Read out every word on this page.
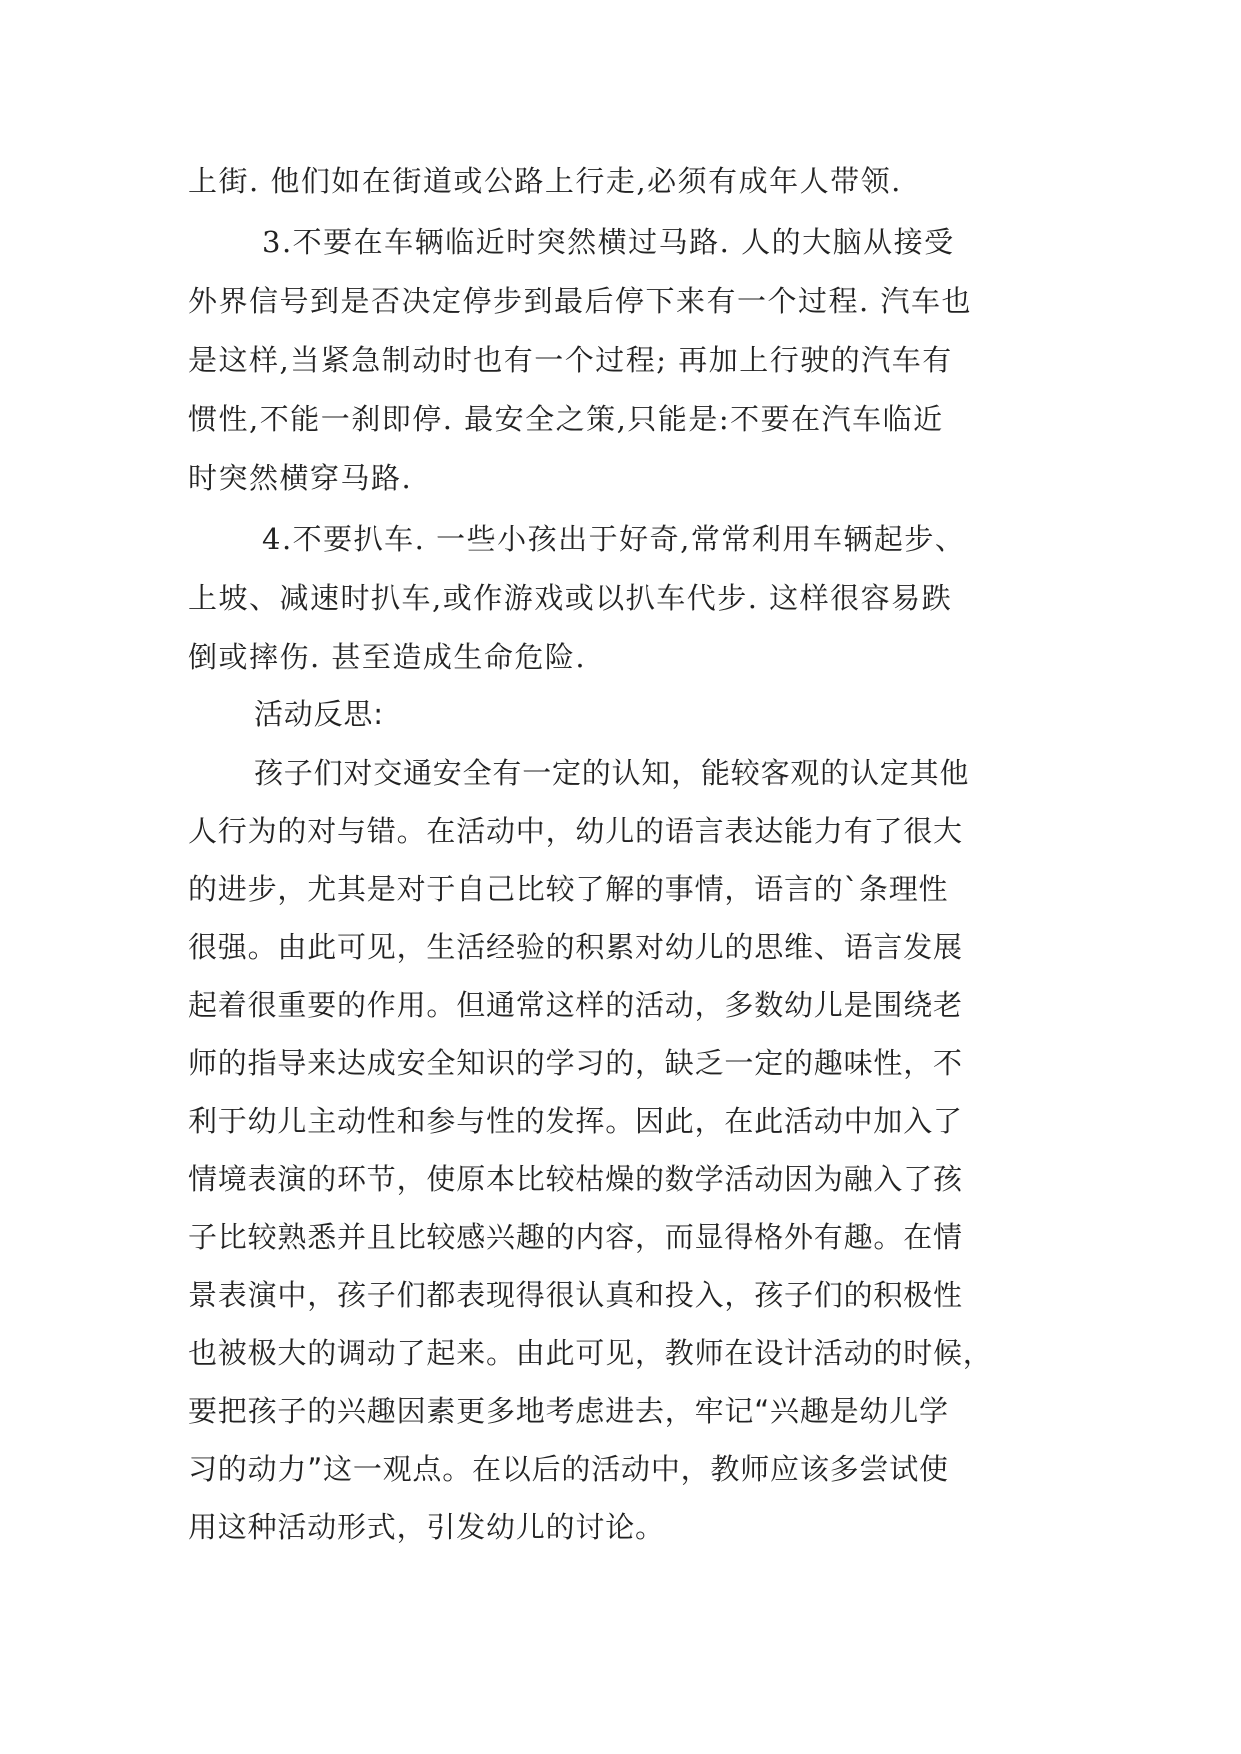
上街. 他们如在街道或公路上行走,必须有成年人带领.

3.不要在车辆临近时突然横过马路. 人的大脑从接受

外界信号到是否决定停步到最后停下来有一个过程. 汽车也

是这样,当紧急制动时也有一个过程; 再加上行驶的汽车有

惯性,不能一刹即停. 最安全之策,只能是:不要在汽车临近

时突然横穿马路.

4.不要扒车. 一些小孩出于好奇,常常利用车辆起步、

上坡、减速时扒车,或作游戏或以扒车代步. 这样很容易跌

倒或摔伤. 甚至造成生命危险.

活动反思:

孩子们对交通安全有一定的认知，能较客观的认定其他

人行为的对与错。在活动中，幼儿的语言表达能力有了很大

的进步，尤其是对于自己比较了解的事情，语言的`条理性

很强。由此可见，生活经验的积累对幼儿的思维、语言发展

起着很重要的作用。但通常这样的活动，多数幼儿是围绕老

师的指导来达成安全知识的学习的，缺乏一定的趣味性，不

利于幼儿主动性和参与性的发挥。因此，在此活动中加入了

情境表演的环节，使原本比较枯燥的数学活动因为融入了孩

子比较熟悉并且比较感兴趣的内容，而显得格外有趣。在情

景表演中，孩子们都表现得很认真和投入，孩子们的积极性

也被极大的调动了起来。由此可见，教师在设计活动的时候，

要把孩子的兴趣因素更多地考虑进去，牢记“兴趣是幼儿学

习的动力”这一观点。在以后的活动中，教师应该多尝试使

用这种活动形式，引发幼儿的讨论。
